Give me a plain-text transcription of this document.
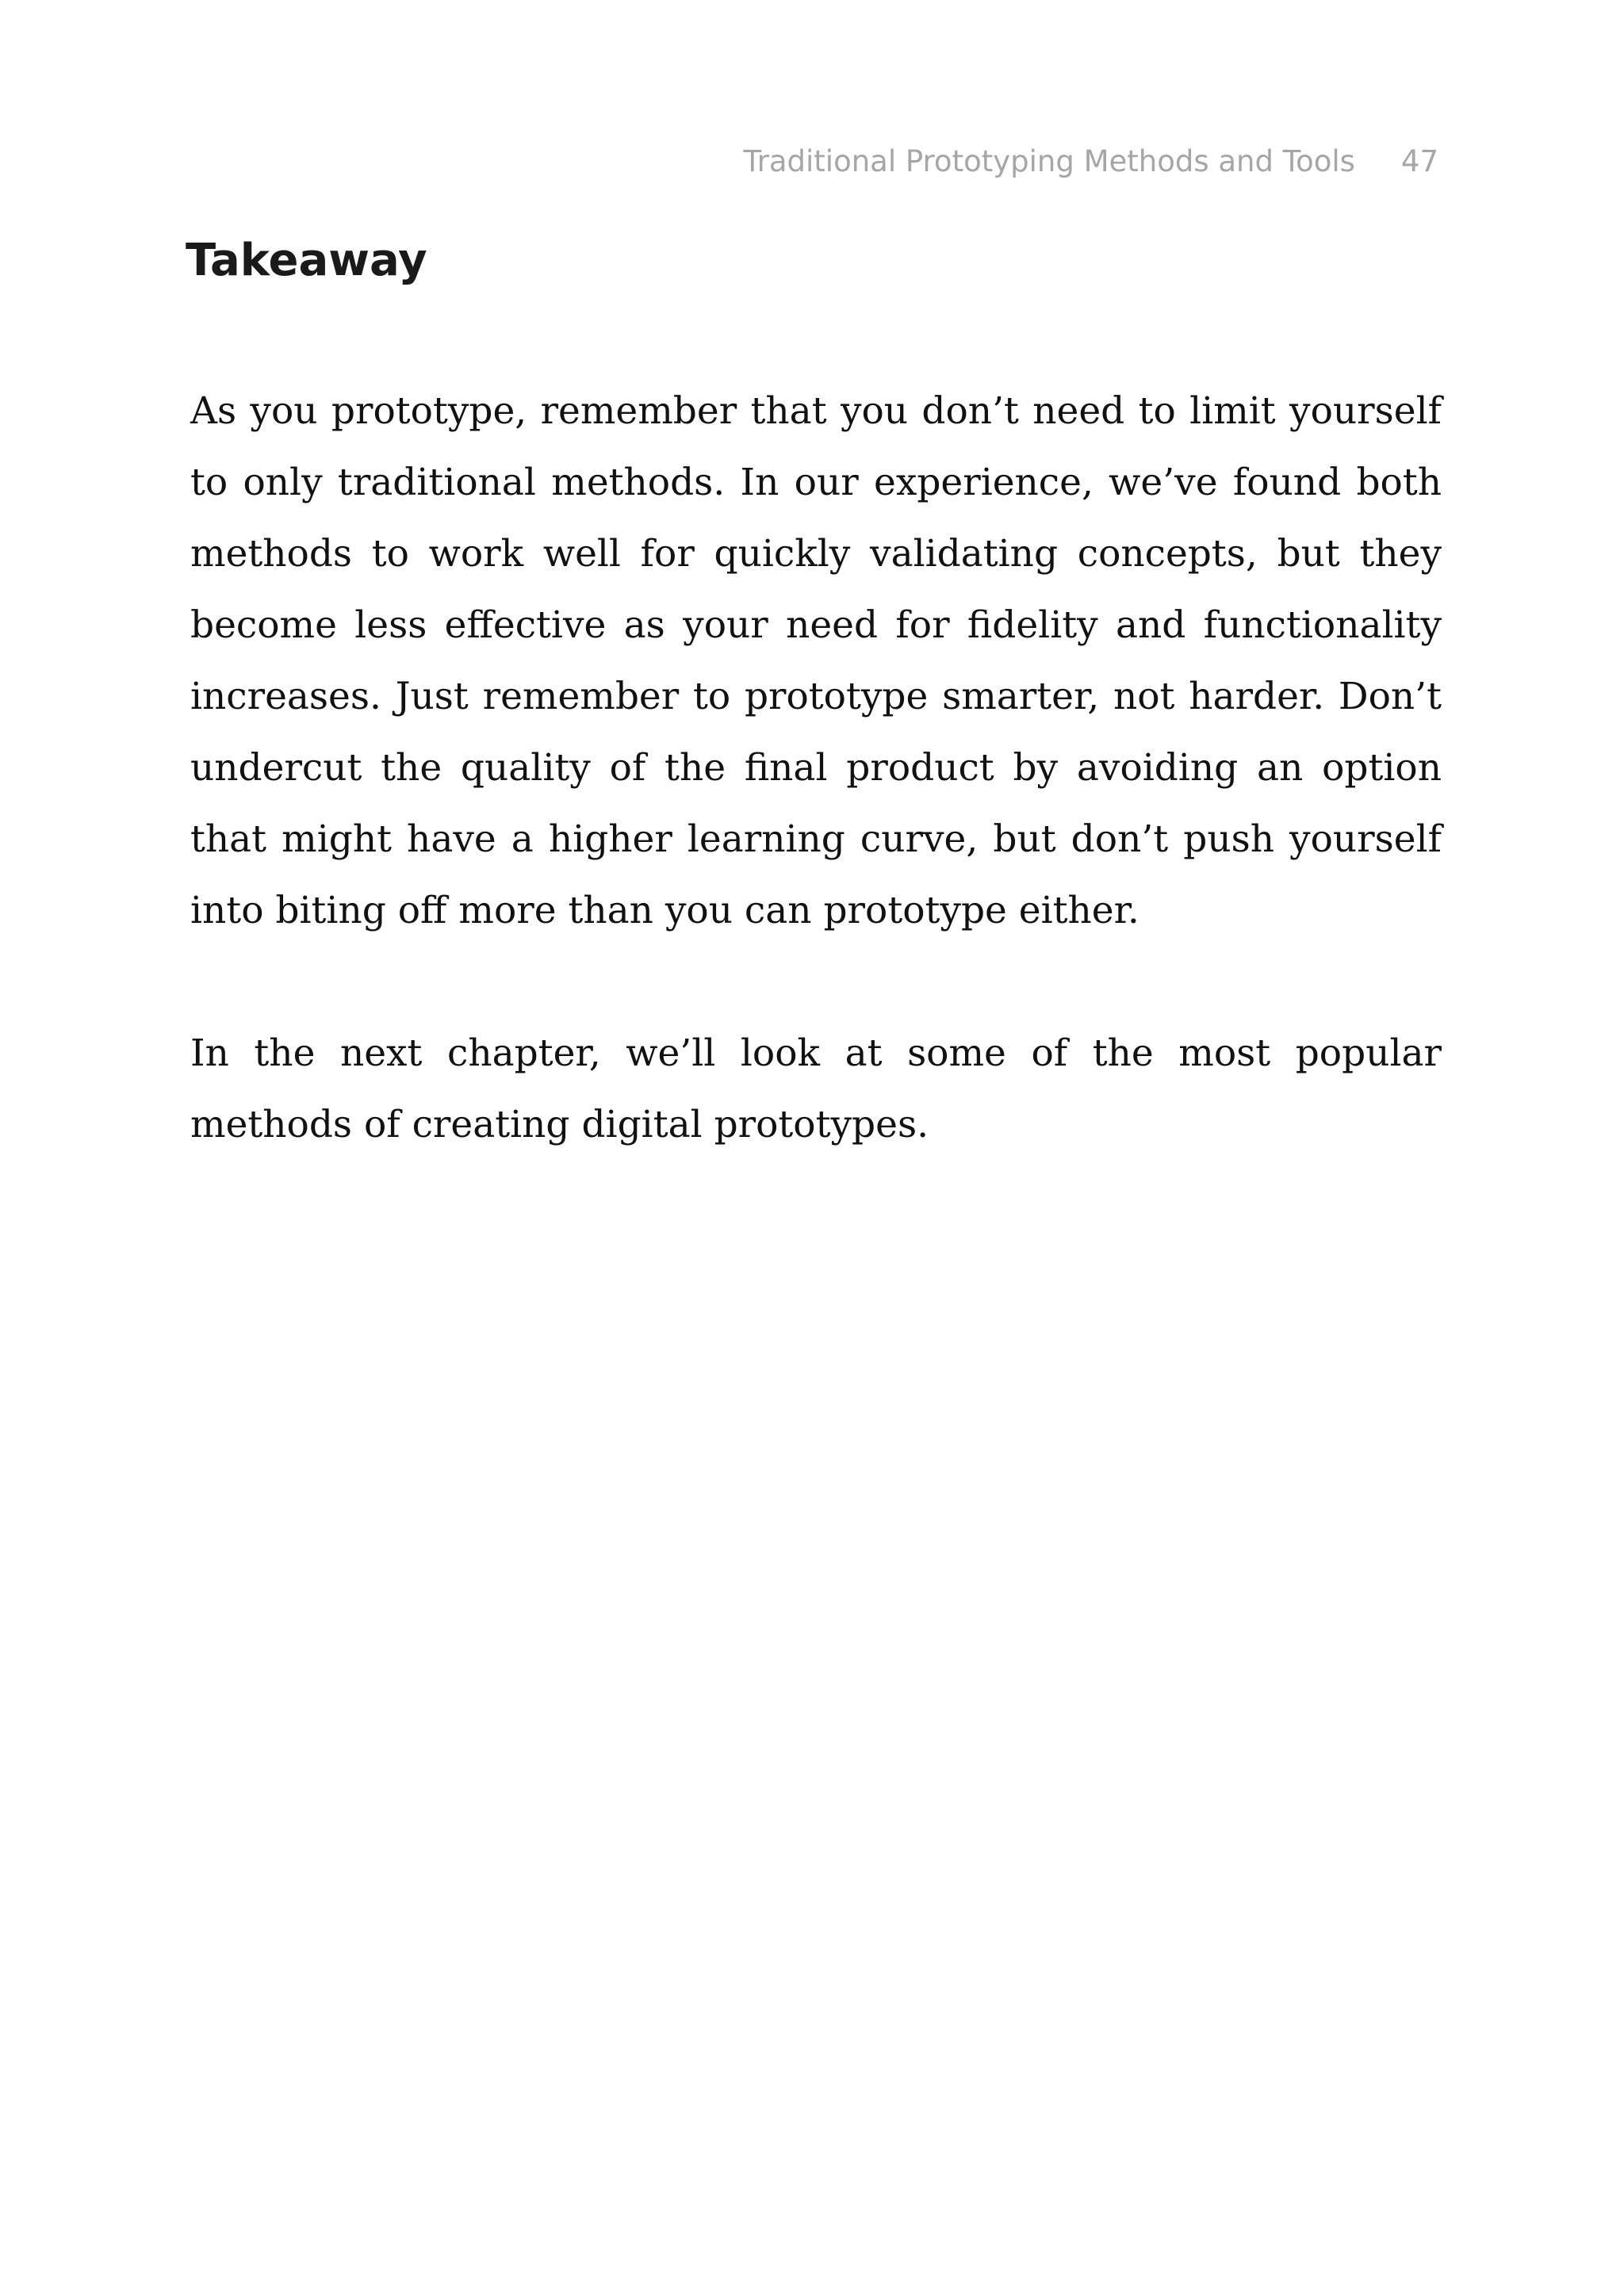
Traditional Prototyping Methods and Tools 47
Takeaway

As you prototype, remember that you don’t need to limit yourself to only traditional methods. In our experience, we’ve found both methods to work well for quickly validating concepts, but they become less effective as your need for fidelity and functionality increases. Just remember to prototype smarter, not harder. Don’t undercut the quality of the final product by avoiding an option that might have a higher learning curve, but don’t push yourself into biting off more than you can prototype either.

In the next chapter, we’ll look at some of the most popular methods of creating digital prototypes.
